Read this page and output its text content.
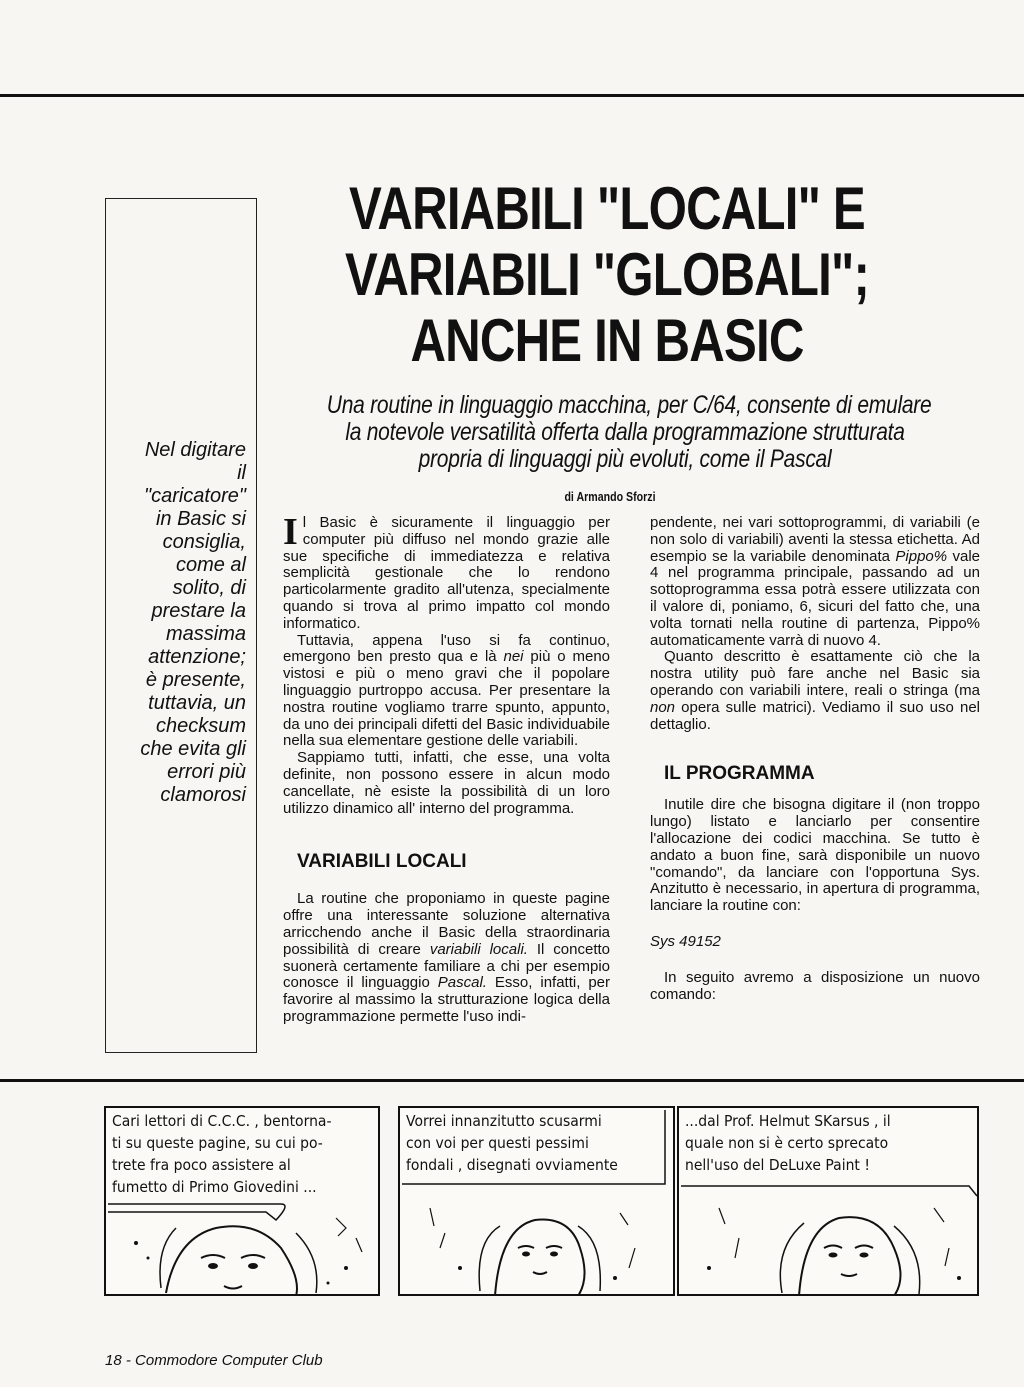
Nel digitare
il
"caricatore"
in Basic si
consiglia,
come al
solito, di
prestare la
massima
attenzione;
è presente,
tuttavia, un
checksum
che evita gli
errori più
clamorosi
VARIABILI "LOCALI" E
VARIABILI "GLOBALI";
ANCHE IN BASIC
Una routine in linguaggio macchina, per C/64, consente di emulare
la notevole versatilità offerta dalla programmazione strutturata
propria di linguaggi più evoluti, come il Pascal
di Armando Sforzi

Il Basic è sicuramente il linguaggio per computer più diffuso nel mondo grazie alle sue specifiche di immediatezza e relativa semplicità gestionale che lo rendono particolarmente gradito all'utenza, specialmente quando si trova al primo impatto col mondo informatico.

Tuttavia, appena l'uso si fa continuo, emergono ben presto qua e là nei più o meno vistosi e più o meno gravi che il popolare linguaggio purtroppo accusa. Per presentare la nostra routine vogliamo trarre spunto, appunto, da uno dei principali difetti del Basic individuabile nella sua elementare gestione delle variabili.

Sappiamo tutti, infatti, che esse, una volta definite, non possono essere in alcun modo cancellate, nè esiste la possibilità di un loro utilizzo dinamico all' interno del programma.

VARIABILI LOCALI

La routine che proponiamo in queste pagine offre una interessante soluzione alternativa arricchendo anche il Basic della straordinaria possibilità di creare variabili locali. Il concetto suonerà certamente familiare a chi per esempio conosce il linguaggio Pascal. Esso, infatti, per favorire al massimo la strutturazione logica della programmazione permette l'uso indi-

pendente, nei vari sottoprogrammi, di variabili (e non solo di variabili) aventi la stessa etichetta. Ad esempio se la variabile denominata Pippo% vale 4 nel programma principale, passando ad un sottoprogramma essa potrà essere utilizzata con il valore di, poniamo, 6, sicuri del fatto che, una volta tornati nella routine di partenza, Pippo% automaticamente varrà di nuovo 4.

Quanto descritto è esattamente ciò che la nostra utility può fare anche nel Basic sia operando con variabili intere, reali o stringa (ma non opera sulle matrici). Vediamo il suo uso nel dettaglio.

IL PROGRAMMA

Inutile dire che bisogna digitare il (non troppo lungo) listato e lanciarlo per consentire l'allocazione dei codici macchina. Se tutto è andato a buon fine, sarà disponibile un nuovo "comando", da lanciare con l'opportuna Sys. Anzitutto è necessario, in apertura di programma, lanciare la routine con:

Sys 49152

In seguito avremo a disposizione un nuovo comando:

Cari lettori di C.C.C. , bentorna-
ti su queste pagine, su cui po-
trete fra poco assistere al
fumetto di Primo Giovedini ...
Vorrei innanzitutto scusarmi
con voi per questi pessimi
fondali , disegnati ovviamente
...dal Prof. Helmut SKarsus , il
quale non si è certo sprecato
nell'uso del DeLuxe Paint !
18 - Commodore Computer Club
